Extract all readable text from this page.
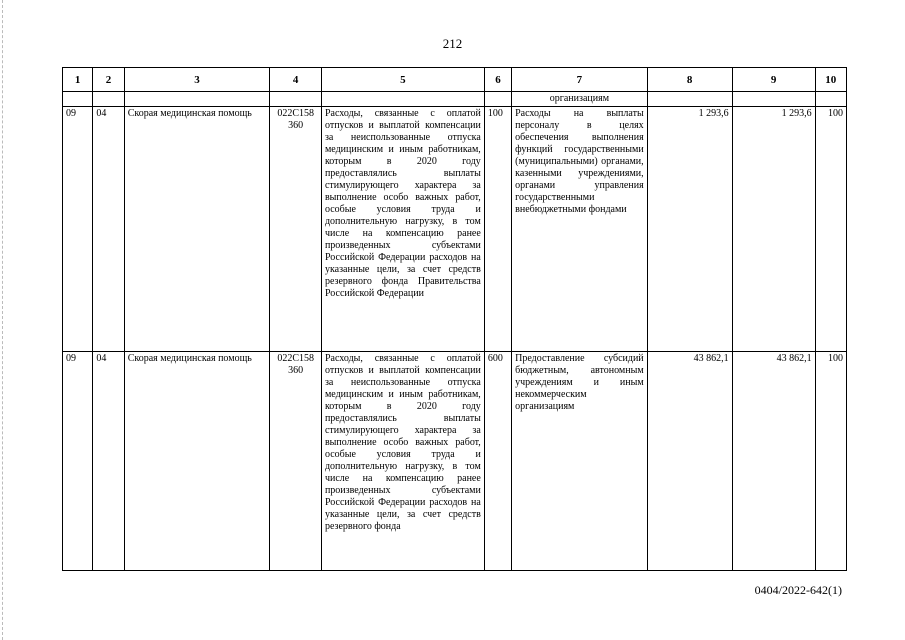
212
1	2	3	4	5	6	7	8	9	10
						организациям			
09	04	Скорая медицинская помощь	022С158 360	Расходы, связанные с оплатой отпусков и выплатой компенсации за неиспользованные отпуска медицинским и иным работникам, которым в 2020 году предоставлялись выплаты стимулирующего характера за выполнение особо важных работ, особые условия труда и дополнительную нагрузку, в том числе на компенсацию ранее произведенных субъектами Российской Федерации расходов на указанные цели, за счет средств резервного фонда Правительства Российской Федерации	100	Расходы на выплаты персоналу в целях обеспечения выполнения функций государственными (муниципальными) органами, казенными учреждениями, органами управления государственными внебюджетными фондами	1 293,6	1 293,6	100
09	04	Скорая медицинская помощь	022С158 360	Расходы, связанные с оплатой отпусков и выплатой компенсации за неиспользованные отпуска медицинским и иным работникам, которым в 2020 году предоставлялись выплаты стимулирующего характера за выполнение особо важных работ, особые условия труда и дополнительную нагрузку, в том числе на компенсацию ранее произведенных субъектами Российской Федерации расходов на указанные цели, за счет средств резервного фонда	600	Предоставление субсидий бюджетным, автономным учреждениям и иным некоммерческим организациям	43 862,1	43 862,1	100
0404/2022-642(1)
